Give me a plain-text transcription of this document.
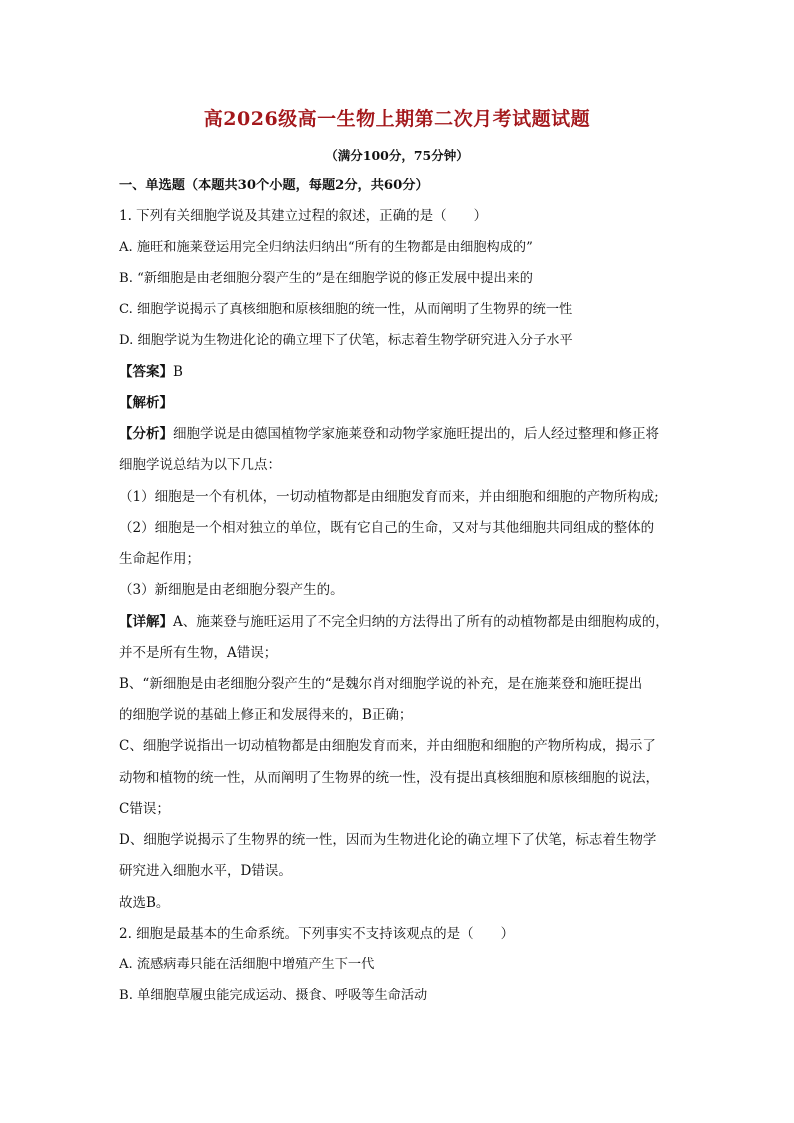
高2026级高一生物上期第二次月考试题试题
（满分100分，75分钟）
一、单选题（本题共30个小题，每题2分，共60分）
1. 下列有关细胞学说及其建立过程的叙述，正确的是（　　）
A. 施旺和施莱登运用完全归纳法归纳出“所有的生物都是由细胞构成的”
B. “新细胞是由老细胞分裂产生的”是在细胞学说的修正发展中提出来的
C. 细胞学说揭示了真核细胞和原核细胞的统一性，从而阐明了生物界的统一性
D. 细胞学说为生物进化论的确立埋下了伏笔，标志着生物学研究进入分子水平
【答案】B
【解析】
【分析】细胞学说是由德国植物学家施莱登和动物学家施旺提出的，后人经过整理和修正将
细胞学说总结为以下几点：
（1）细胞是一个有机体，一切动植物都是由细胞发育而来，并由细胞和细胞的产物所构成;
（2）细胞是一个相对独立的单位，既有它自己的生命，又对与其他细胞共同组成的整体的
生命起作用；
（3）新细胞是由老细胞分裂产生的。
【详解】A、施莱登与施旺运用了不完全归纳的方法得出了所有的动植物都是由细胞构成的，
并不是所有生物，A错误；
B、“新细胞是由老细胞分裂产生的“是魏尔肖对细胞学说的补充，是在施莱登和施旺提出
的细胞学说的基础上修正和发展得来的，B正确；
C、细胞学说指出一切动植物都是由细胞发育而来，并由细胞和细胞的产物所构成，揭示了
动物和植物的统一性，从而阐明了生物界的统一性，没有提出真核细胞和原核细胞的说法，
C错误；
D、细胞学说揭示了生物界的统一性，因而为生物进化论的确立埋下了伏笔，标志着生物学
研究进入细胞水平，D错误。
故选B。
2. 细胞是最基本的生命系统。下列事实不支持该观点的是（　　）
A. 流感病毒只能在活细胞中增殖产生下一代
B. 单细胞草履虫能完成运动、摄食、呼吸等生命活动
